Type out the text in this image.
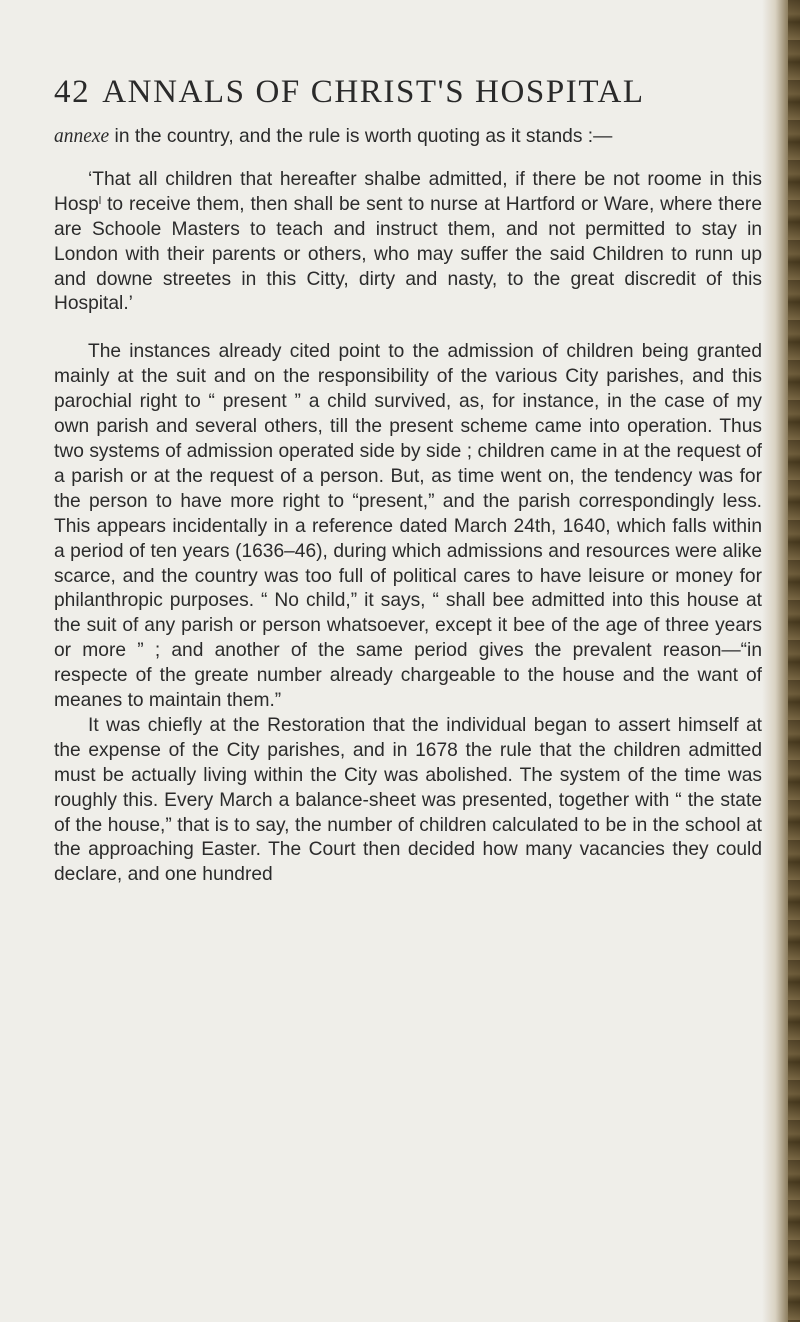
42 ANNALS OF CHRIST'S HOSPITAL

annexe in the country, and the rule is worth quoting as it stands :—

‘That all children that hereafter shalbe admitted, if there be not roome in this Hosp$^l$ to receive them, then shall be sent to nurse at Hartford or Ware, where there are Schoole Masters to teach and instruct them, and not permitted to stay in London with their parents or others, who may suffer the said Children to runn up and downe streetes in this Citty, dirty and nasty, to the great discredit of this Hospital.’

The instances already cited point to the admission of children being granted mainly at the suit and on the responsibility of the various City parishes, and this parochial right to “ present ” a child survived, as, for instance, in the case of my own parish and several others, till the present scheme came into operation. Thus two systems of admission operated side by side ; children came in at the request of a parish or at the request of a person. But, as time went on, the tendency was for the person to have more right to “present,” and the parish correspondingly less. This appears incidentally in a reference dated March 24th, 1640, which falls within a period of ten years (1636–46), during which admissions and resources were alike scarce, and the country was too full of political cares to have leisure or money for philanthropic purposes. “ No child,” it says, “ shall bee admitted into this house at the suit of any parish or person whatsoever, except it bee of the age of three years or more ” ; and another of the same period gives the prevalent reason—“in respecte of the greate number already chargeable to the house and the want of meanes to maintain them.”

It was chiefly at the Restoration that the individual began to assert himself at the expense of the City parishes, and in 1678 the rule that the children admitted must be actually living within the City was abolished. The system of the time was roughly this. Every March a balance-sheet was presented, together with “ the state of the house,” that is to say, the number of children calculated to be in the school at the approaching Easter. The Court then decided how many vacancies they could declare, and one hundred
